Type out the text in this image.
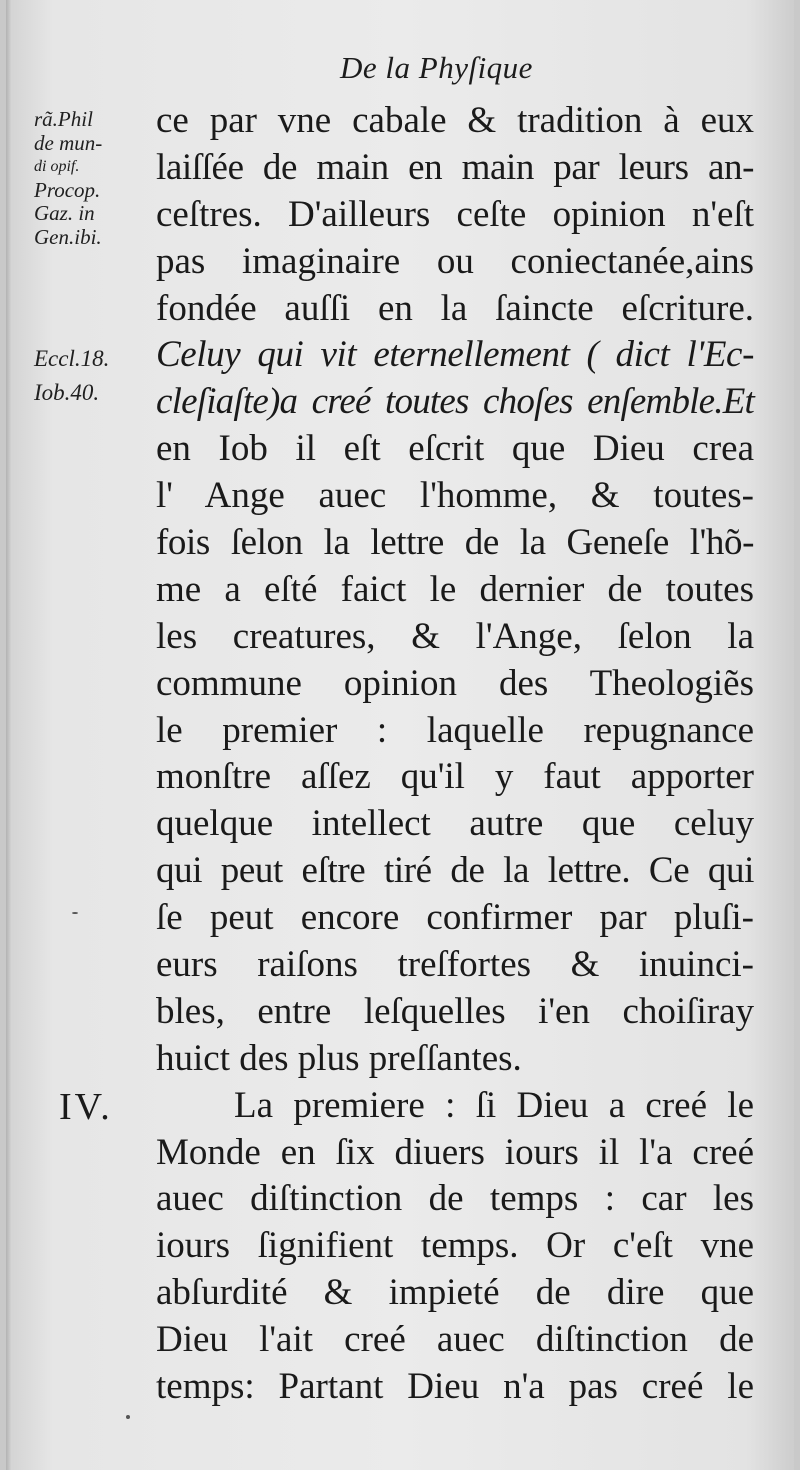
De la Phyſique
rã.Phil
de mun-
di opif.
Procop.
Gaz. in
Gen.ibi.
Eccl.18.
Iob.40.
ce par vne cabale & tradition à eux
laiſſée de main en main par leurs an-
ceſtres. D'ailleurs ceſte opinion n'eſt
pas imaginaire ou coniectanée,ains
fondée auſſi en la ſaincte eſcriture.
Celuy qui vit eternellement ( dict l'Ec-
cleſiaſte)a creé toutes choſes enſemble.Et
en Iob il eſt eſcrit que Dieu crea
l' Ange auec l'homme, & toutes-
fois ſelon la lettre de la Geneſe l'hõ-
me a eſté faict le dernier de toutes
les creatures, & l'Ange, ſelon la
commune opinion des Theologiẽs
le premier : laquelle repugnance
monſtre aſſez qu'il y faut apporter
quelque intellect autre que celuy
qui peut eſtre tiré de la lettre. Ce qui
ſe peut encore confirmer par pluſi-
eurs raiſons treſfortes & inuinci-
bles, entre leſquelles i'en choiſiray
huict des plus preſſantes.
La premiere : ſi Dieu a creé le
Monde en ſix diuers iours il l'a creé
auec diſtinction de temps : car les
iours ſignifient temps. Or c'eſt vne
abſurdité & impieté de dire que
Dieu l'ait creé auec diſtinction de
temps: Partant Dieu n'a pas creé le
IV.
